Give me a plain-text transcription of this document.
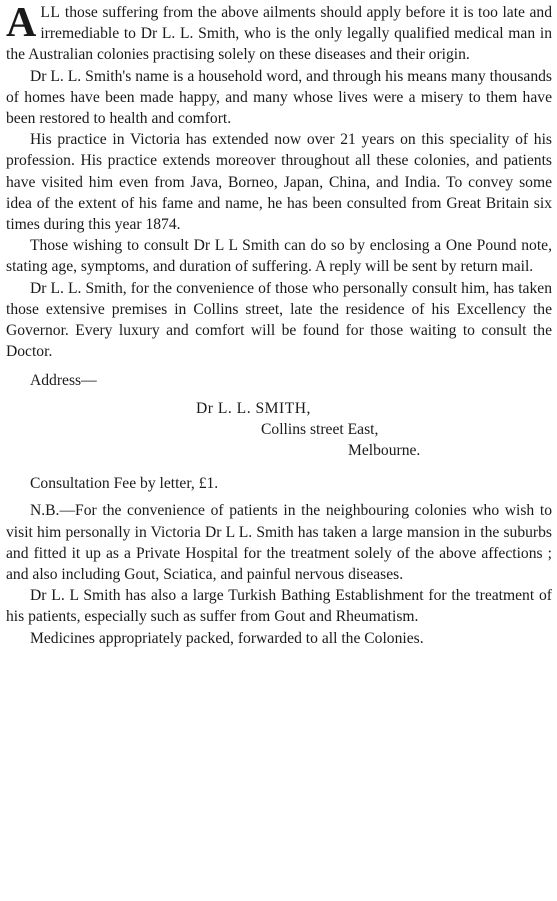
A LL those suffering from the above ailments should apply before it is too late and irremediable to Dr L. L. Smith, who is the only legally qualified medical man in the Australian colonies practising solely on these diseases and their origin.

Dr L. L. Smith's name is a household word, and through his means many thousands of homes have been made happy, and many whose lives were a misery to them have been restored to health and comfort.

His practice in Victoria has extended now over 21 years on this speciality of his profession. His practice extends moreover throughout all these colonies, and patients have visited him even from Java, Borneo, Japan, China, and India. To convey some idea of the extent of his fame and name, he has been consulted from Great Britain six times during this year 1874.

Those wishing to consult Dr L L Smith can do so by enclosing a One Pound note, stating age, symptoms, and duration of suffering. A reply will be sent by return mail.

Dr L. L. Smith, for the convenience of those who personally consult him, has taken those extensive premises in Collins street, late the residence of his Excellency the Governor. Every luxury and comfort will be found for those waiting to consult the Doctor.

Address—

Dr L. L. SMITH,

Collins street East,

Melbourne.

Consultation Fee by letter, £1.

N.B.—For the convenience of patients in the neighbouring colonies who wish to visit him personally in Victoria Dr L L. Smith has taken a large mansion in the suburbs and fitted it up as a Private Hospital for the treatment solely of the above affections ; and also including Gout, Sciatica, and painful nervous diseases.

Dr L. L Smith has also a large Turkish Bathing Establishment for the treatment of his patients, especially such as suffer from Gout and Rheumatism.

Medicines appropriately packed, forwarded to all the Colonies.
